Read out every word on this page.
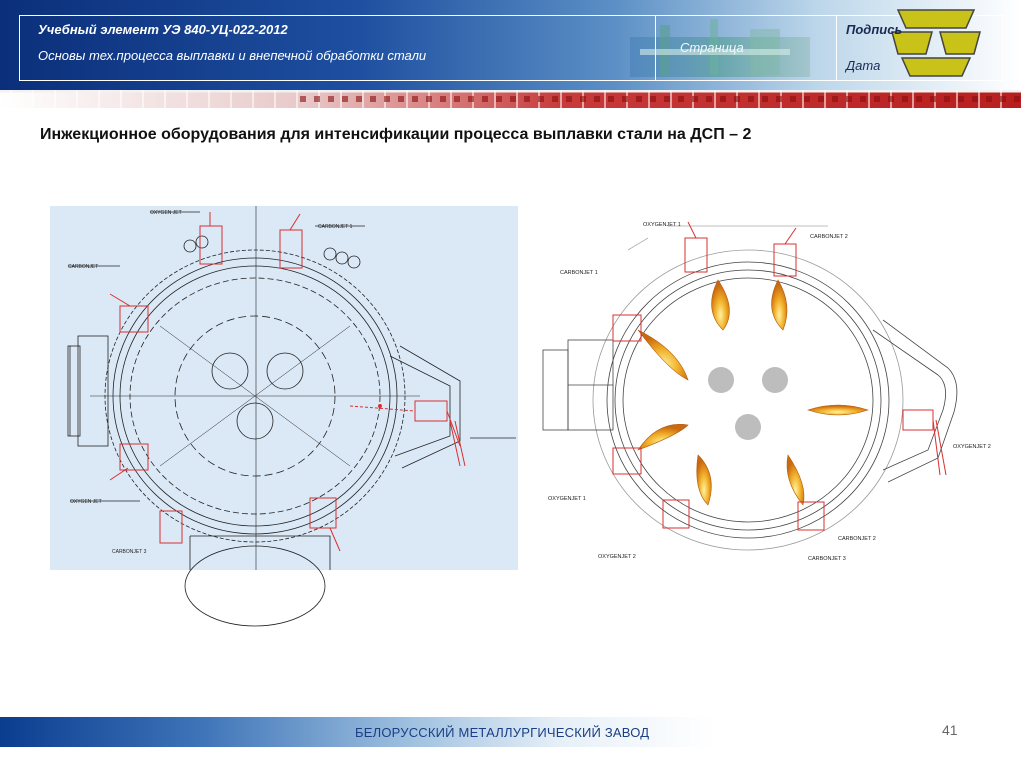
Учебный элемент УЭ 840-УЦ-022-2012
Основы тех.процесса выплавки и внепечной обработки стали
Страница
Подпись
Дата
Инжекционное оборудования для интенсификации процесса выплавки стали на ДСП – 2
OXYGEN JET
CARBONJET 1
CARBONJET
OXYGEN JET
CARBONJET 3
OXYGENJET 1
CARBONJET 2
CARBONJET 1
OXYGENJET 2
OXYGENJET 1
OXYGENJET 2
CARBONJET 2
CARBONJET 3
БЕЛОРУССКИЙ МЕТАЛЛУРГИЧЕСКИЙ ЗАВОД	41
